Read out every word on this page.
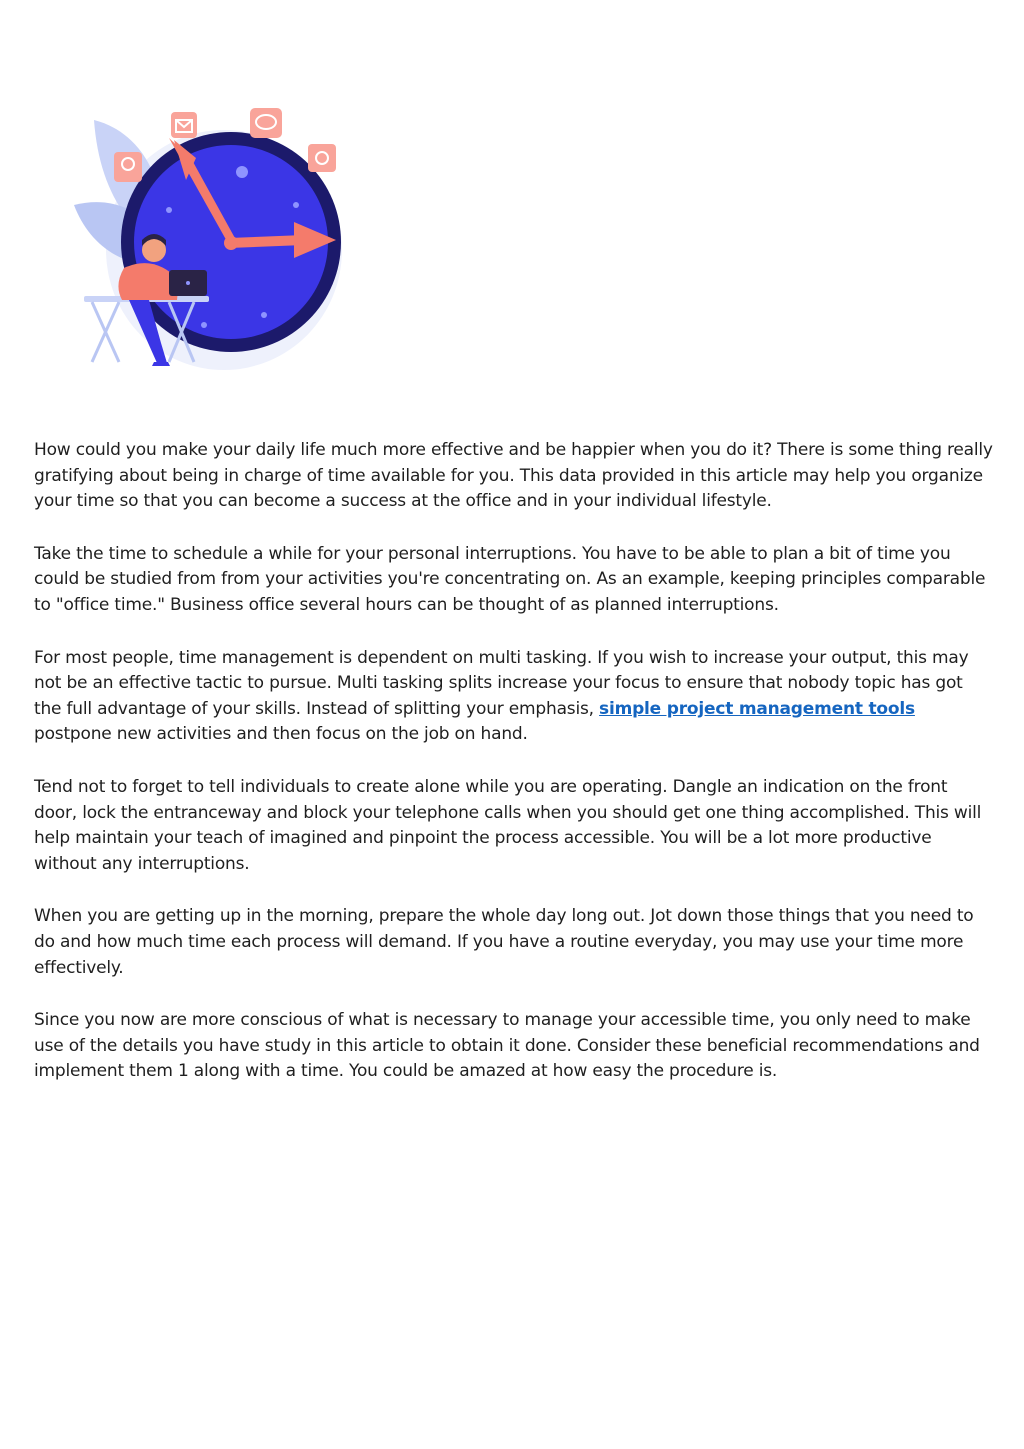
How could you make your daily life much more effective and be happier when you do it? There is some thing really gratifying about being in charge of time available for you. This data provided in this article may help you organize your time so that you can become a success at the office and in your individual lifestyle.

Take the time to schedule a while for your personal interruptions. You have to be able to plan a bit of time you could be studied from from your activities you're concentrating on. As an example, keeping principles comparable to "office time." Business office several hours can be thought of as planned interruptions.

For most people, time management is dependent on multi tasking. If you wish to increase your output, this may not be an effective tactic to pursue. Multi tasking splits increase your focus to ensure that nobody topic has got the full advantage of your skills. Instead of splitting your emphasis, simple project management tools postpone new activities and then focus on the job on hand.

Tend not to forget to tell individuals to create alone while you are operating. Dangle an indication on the front door, lock the entranceway and block your telephone calls when you should get one thing accomplished. This will help maintain your teach of imagined and pinpoint the process accessible. You will be a lot more productive without any interruptions.

When you are getting up in the morning, prepare the whole day long out. Jot down those things that you need to do and how much time each process will demand. If you have a routine everyday, you may use your time more effectively.

Since you now are more conscious of what is necessary to manage your accessible time, you only need to make use of the details you have study in this article to obtain it done. Consider these beneficial recommendations and implement them 1 along with a time. You could be amazed at how easy the procedure is.
